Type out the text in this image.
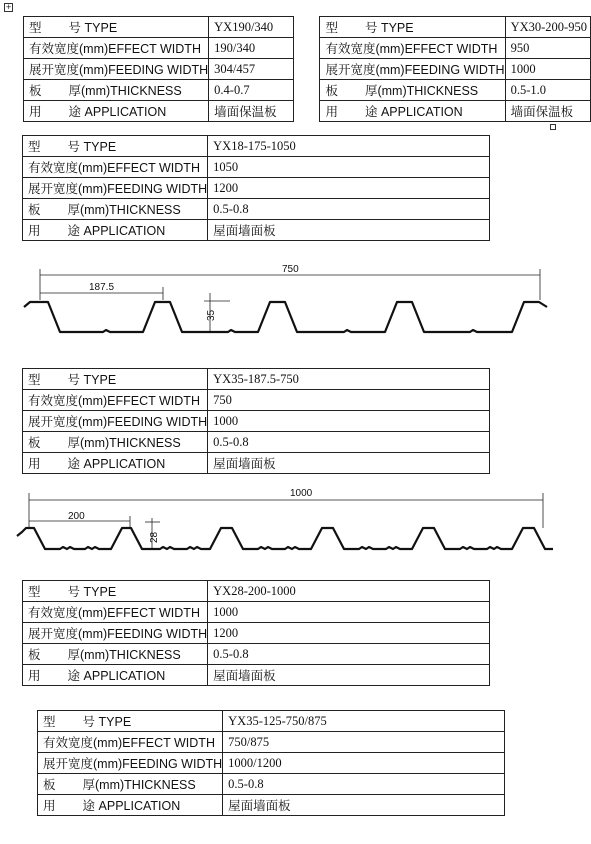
+
型 号 TYPE	YX190/340		型 号 TYPE	YX30-200-950
有效宽度(mm)EFFECT WIDTH	190/340		有效宽度(mm)EFFECT WIDTH	950
展开宽度(mm)FEEDING WIDTH	304/457		展开宽度(mm)FEEDING WIDTH	1000
板 厚(mm)THICKNESS	0.4-0.7		板 厚(mm)THICKNESS	0.5-1.0
用 途 APPLICATION	墙面保温板		用 途 APPLICATION	墙面保温板
型 号 TYPE	YX18-175-1050
有效宽度(mm)EFFECT WIDTH	1050
展开宽度(mm)FEEDING WIDTH	1200
板 厚(mm)THICKNESS	0.5-0.8
用 途 APPLICATION	屋面墙面板
750
187.5
35
型 号 TYPE	YX35-187.5-750
有效宽度(mm)EFFECT WIDTH	750
展开宽度(mm)FEEDING WIDTH	1000
板 厚(mm)THICKNESS	0.5-0.8
用 途 APPLICATION	屋面墙面板
1000
200
28
型 号 TYPE	YX28-200-1000
有效宽度(mm)EFFECT WIDTH	1000
展开宽度(mm)FEEDING WIDTH	1200
板 厚(mm)THICKNESS	0.5-0.8
用 途 APPLICATION	屋面墙面板
型 号 TYPE	YX35-125-750/875
有效宽度(mm)EFFECT WIDTH	750/875
展开宽度(mm)FEEDING WIDTH	1000/1200
板 厚(mm)THICKNESS	0.5-0.8
用 途 APPLICATION	屋面墙面板
